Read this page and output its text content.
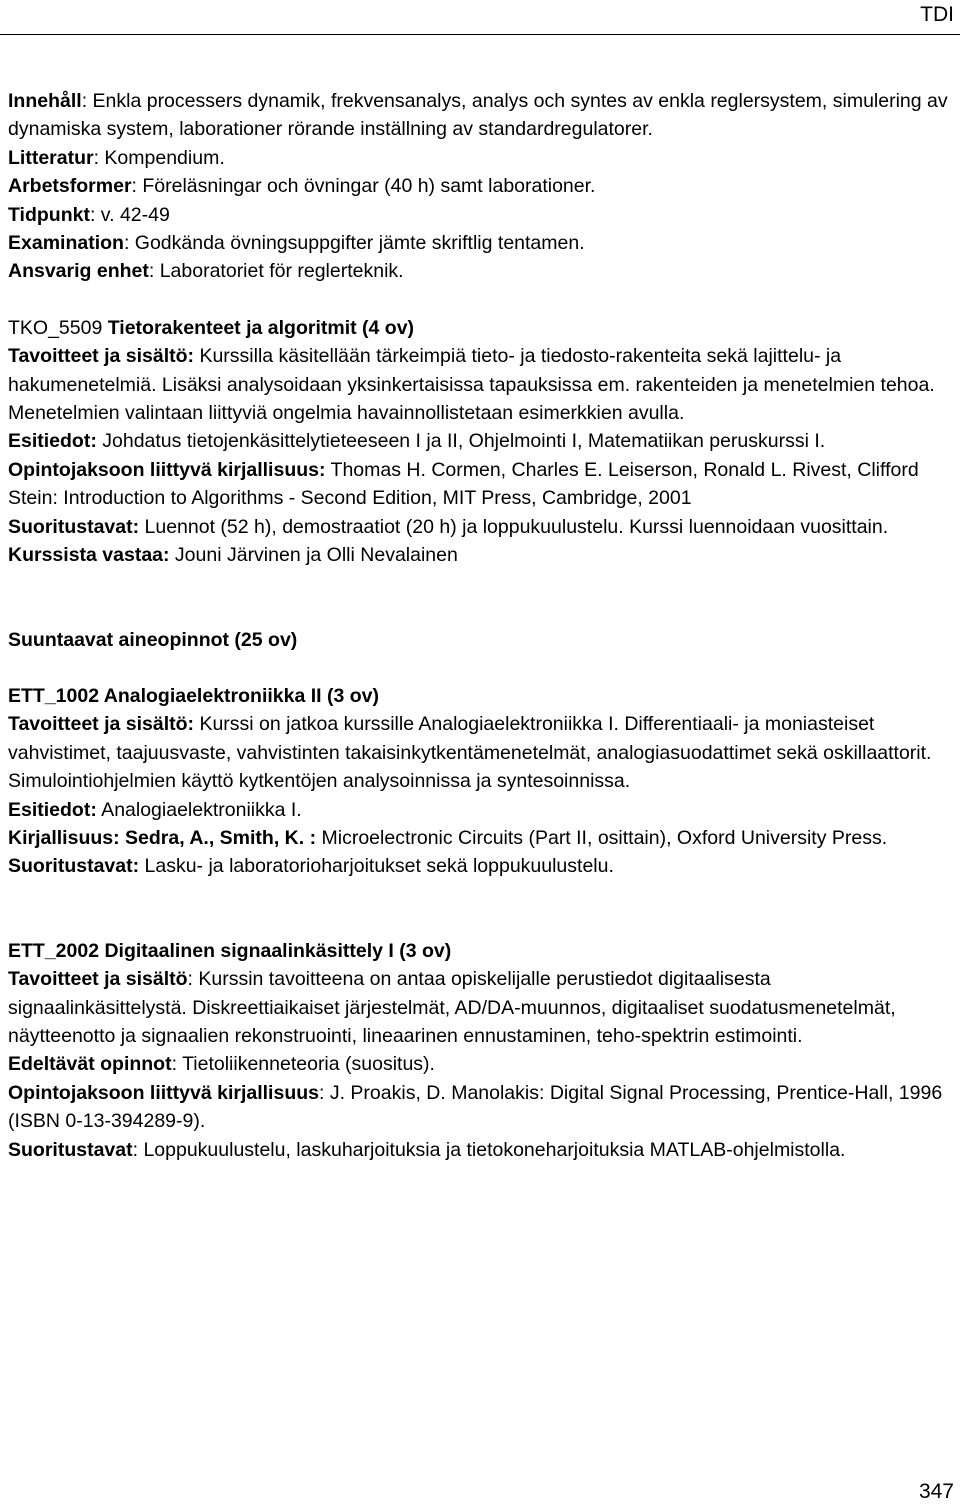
TDI

Innehåll: Enkla processers dynamik, frekvensanalys, analys och syntes av enkla reglersystem, simulering av dynamiska system, laborationer rörande inställning av standardregulatorer.

Litteratur: Kompendium.

Arbetsformer: Föreläsningar och övningar (40 h) samt laborationer.

Tidpunkt: v. 42-49

Examination: Godkända övningsuppgifter jämte skriftlig tentamen.

Ansvarig enhet: Laboratoriet för reglerteknik.

TKO_5509 Tietorakenteet ja algoritmit (4 ov)

Tavoitteet ja sisältö: Kurssilla käsitellään tärkeimpiä tieto- ja tiedosto-rakenteita sekä lajittelu- ja hakumenetelmiä. Lisäksi analysoidaan yksinkertaisissa tapauksissa em. rakenteiden ja menetelmien tehoa. Menetelmien valintaan liittyviä ongelmia havainnollistetaan esimerkkien avulla.

Esitiedot: Johdatus tietojenkäsittelytieteeseen I ja II, Ohjelmointi I, Matematiikan peruskurssi I.

Opintojaksoon liittyvä kirjallisuus: Thomas H. Cormen, Charles E. Leiserson, Ronald L. Rivest, Clifford Stein: Introduction to Algorithms - Second Edition, MIT Press, Cambridge, 2001

Suoritustavat: Luennot (52 h), demostraatiot (20 h) ja loppukuulustelu. Kurssi luennoidaan vuosittain.

Kurssista vastaa: Jouni Järvinen ja Olli Nevalainen

Suuntaavat aineopinnot (25 ov)

ETT_1002 Analogiaelektroniikka II (3 ov)

Tavoitteet ja sisältö: Kurssi on jatkoa kurssille Analogiaelektroniikka I. Differentiaali- ja moniasteiset vahvistimet, taajuusvaste, vahvistinten takaisinkytkentämenetelmät, analogiasuodattimet sekä oskillaattorit. Simulointiohjelmien käyttö kytkentöjen analysoinnissa ja syntesoinnissa.

Esitiedot: Analogiaelektroniikka I.

Kirjallisuus: Sedra, A., Smith, K. : Microelectronic Circuits (Part II, osittain), Oxford University Press.

Suoritustavat: Lasku- ja laboratorioharjoitukset sekä loppukuulustelu.

ETT_2002 Digitaalinen signaalinkäsittely I (3 ov)

Tavoitteet ja sisältö: Kurssin tavoitteena on antaa opiskelijalle perustiedot digitaalisesta signaalinkäsittelystä. Diskreettiaikaiset järjestelmät, AD/DA-muunnos, digitaaliset suodatusmenetelmät, näytteenotto ja signaalien rekonstruointi, lineaarinen ennustaminen, teho-spektrin estimointi.

Edeltävät opinnot: Tietoliikenneteoria (suositus).

Opintojaksoon liittyvä kirjallisuus: J. Proakis, D. Manolakis: Digital Signal Processing, Prentice-Hall, 1996 (ISBN 0-13-394289-9).

Suoritustavat: Loppukuulustelu, laskuharjoituksia ja tietokoneharjoituksia MATLAB-ohjelmistolla.

347
